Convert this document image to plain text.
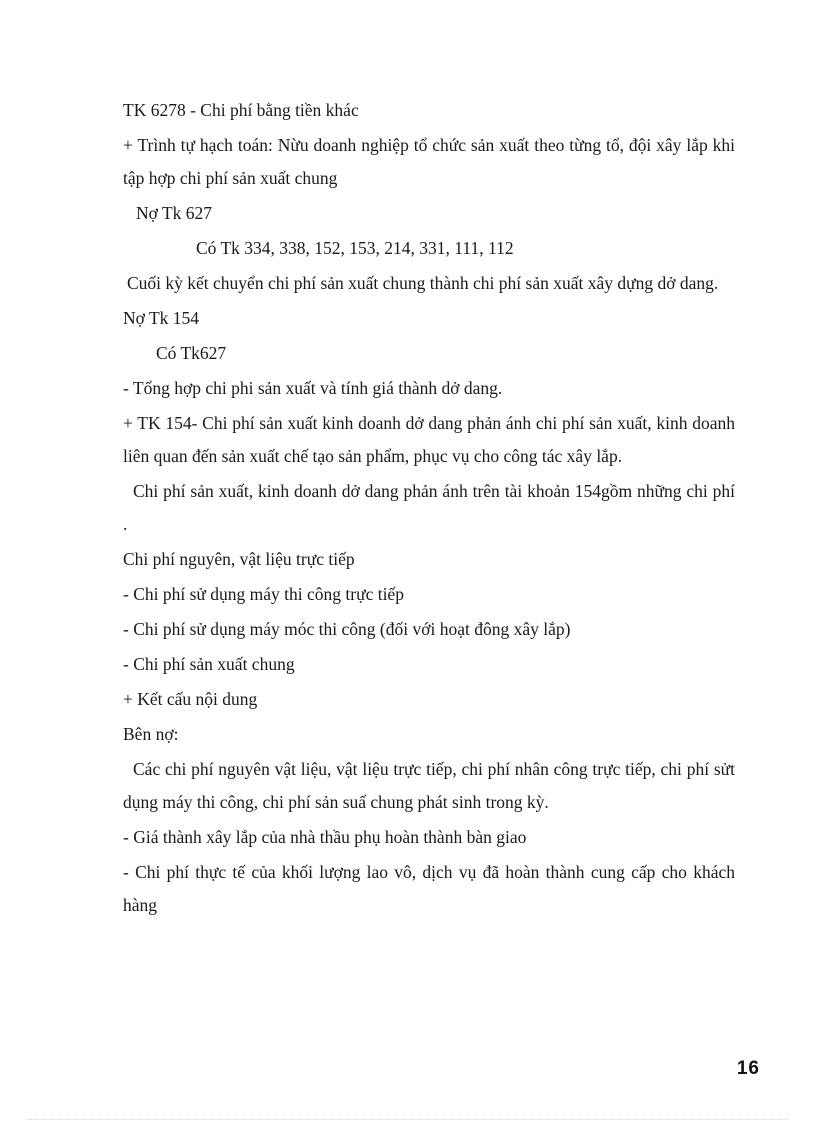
TK 6278 - Chi phí bằng tiền khác

+ Trình tự hạch toán: Nừu doanh nghiệp tổ chức sản xuất theo từng tổ, đội xây lắp khi tập hợp chi phí sản xuất chung

Nợ Tk 627

Có Tk 334, 338, 152, 153, 214, 331, 111, 112

Cuối kỳ kết chuyển chi phí sản xuất chung thành chi phí sản xuất xây dựng dở dang.

Nợ Tk 154

Có Tk627

- Tổng hợp chi phi sản xuất và tính giá thành dở dang.

+ TK 154- Chi phí sản xuất kinh doanh dở dang phản ánh chi phí sản xuất, kinh doanh liên quan đến sản xuất chế tạo sản phẩm, phục vụ cho công tác xây lắp.

Chi phí sản xuất, kinh doanh dở dang phản ánh trên tài khoản 154gồm những chi phí .

Chi phí nguyên, vật liệu trực tiếp

- Chi phí sử dụng máy thi công trực tiếp

- Chi phí sử dụng máy móc thi công (đối với hoạt đông xây lắp)

- Chi phí sản xuất chung

+ Kết cấu nội dung

Bên nợ:

Các chi phí nguyên vật liệu, vật liệu trực tiếp, chi phí nhân công trực tiếp, chi phí sửt dụng máy thi công, chi phí sản suấ chung phát sinh trong kỳ.

- Giá thành xây lắp của nhà thầu phụ hoàn thành bàn giao

- Chi phí thực tế của khối lượng lao vô, dịch vụ đã hoàn thành cung cấp cho khách hàng

16
